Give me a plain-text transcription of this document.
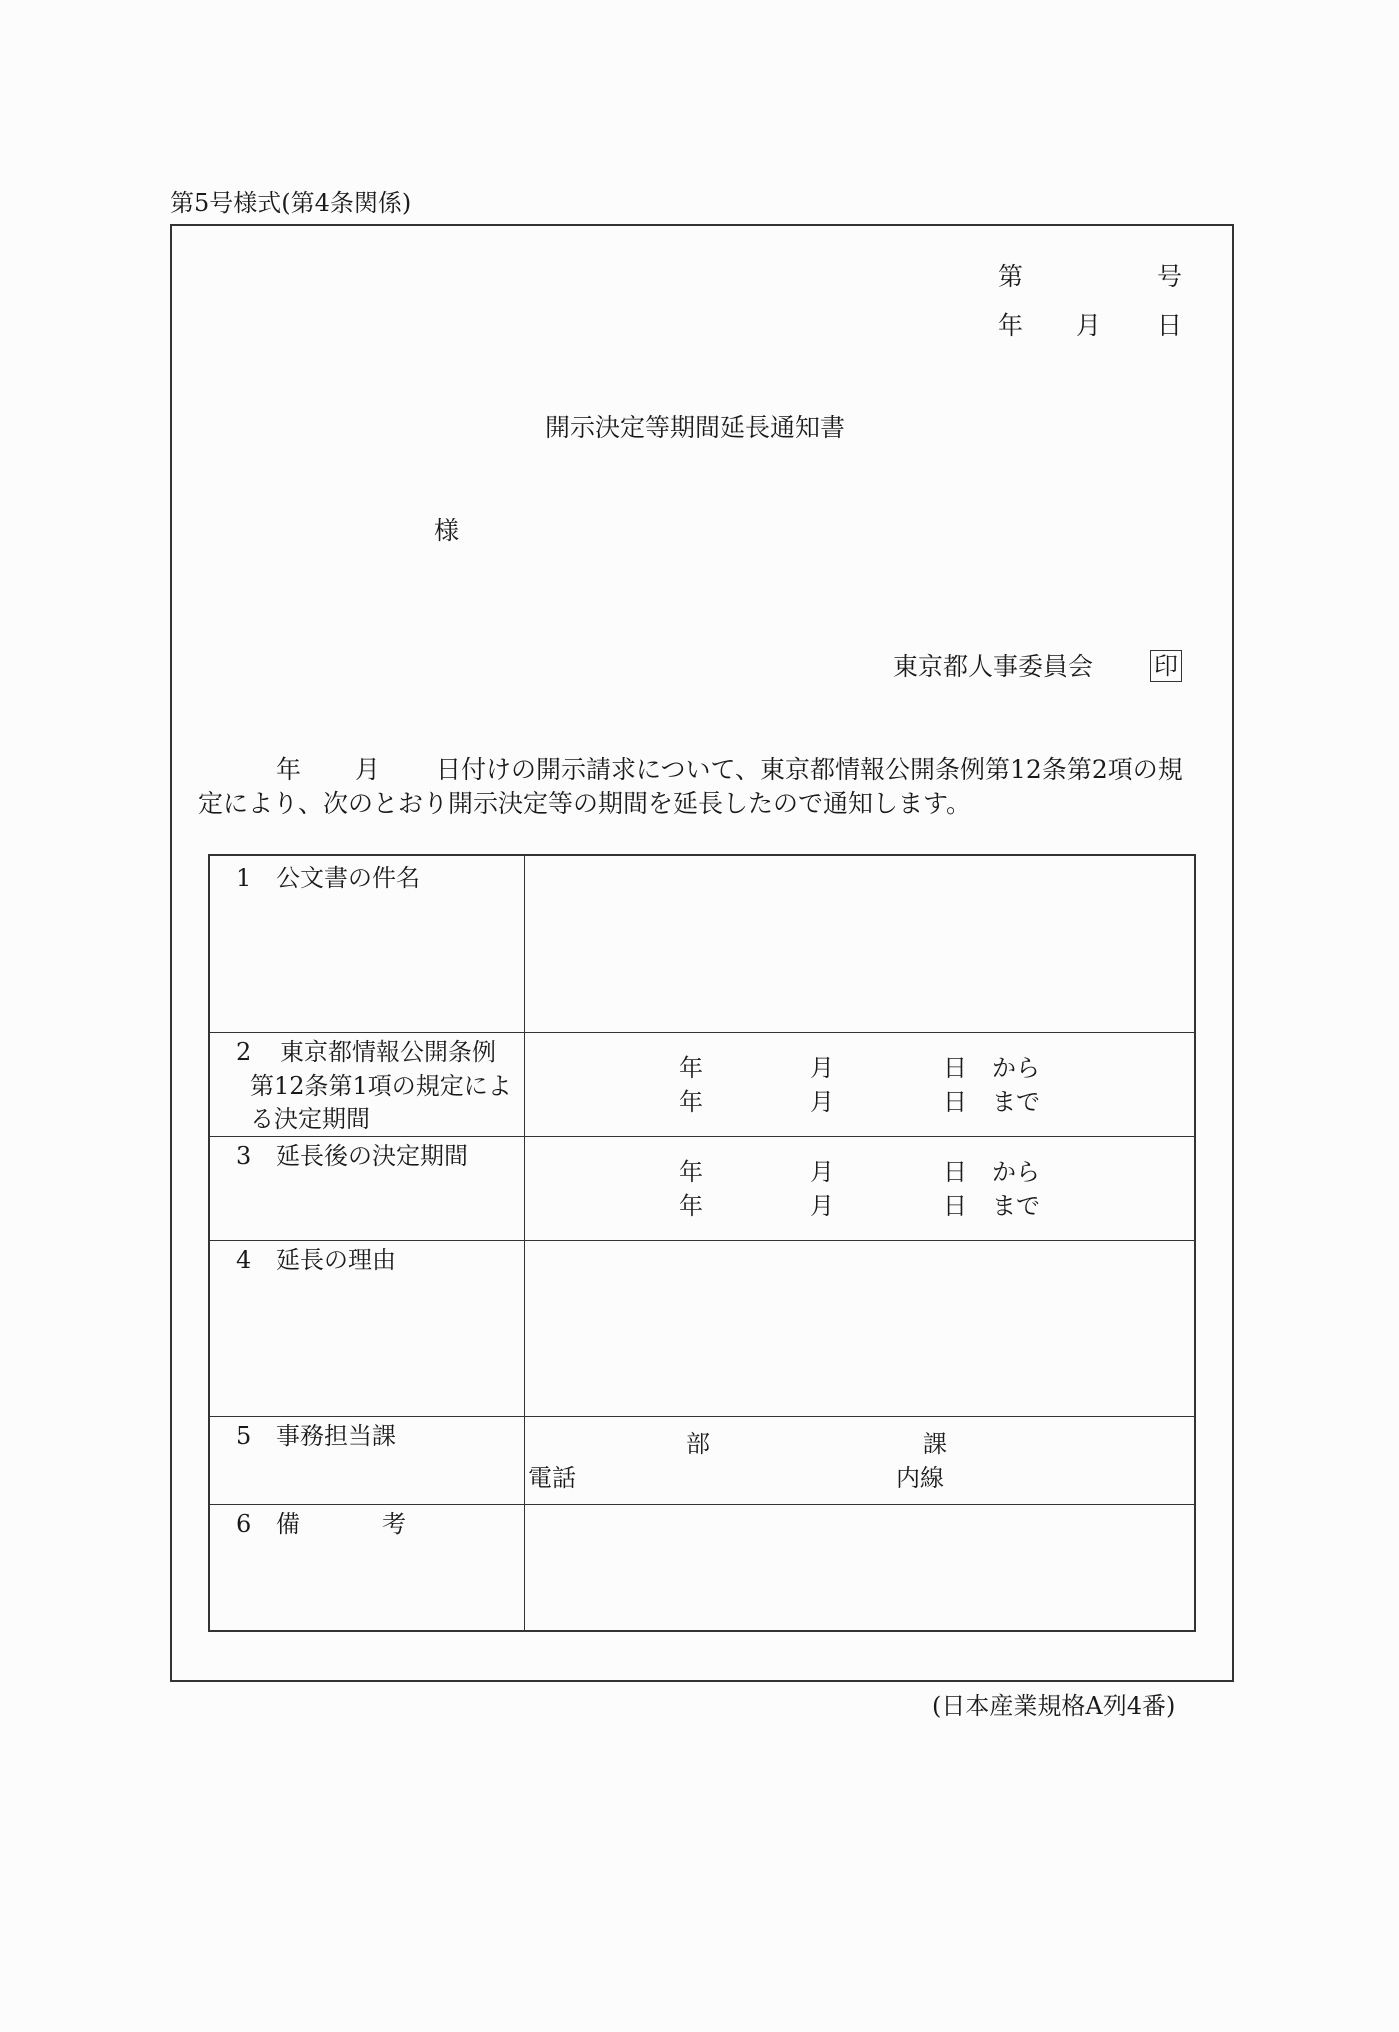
第5号様式(第4条関係)
第	号
年 月 日
開示決定等期間延長通知書
様
東京都人事委員会	印
年 月 日付けの開示請求について、東京都情報公開条例第12条第2項の規
定により、次のとおり開示決定等の期間を延長したので通知します。
1 公文書の件名
2 東京都情報公開条例
第12条第1項の規定によ
る決定期間
年	月	日 から
年	月	日 まで
3 延長後の決定期間
年	月	日 から
年	月	日 まで
4 延長の理由
5 事務担当課	部	課
電話	内線
6 備	考
(日本産業規格A列4番)
